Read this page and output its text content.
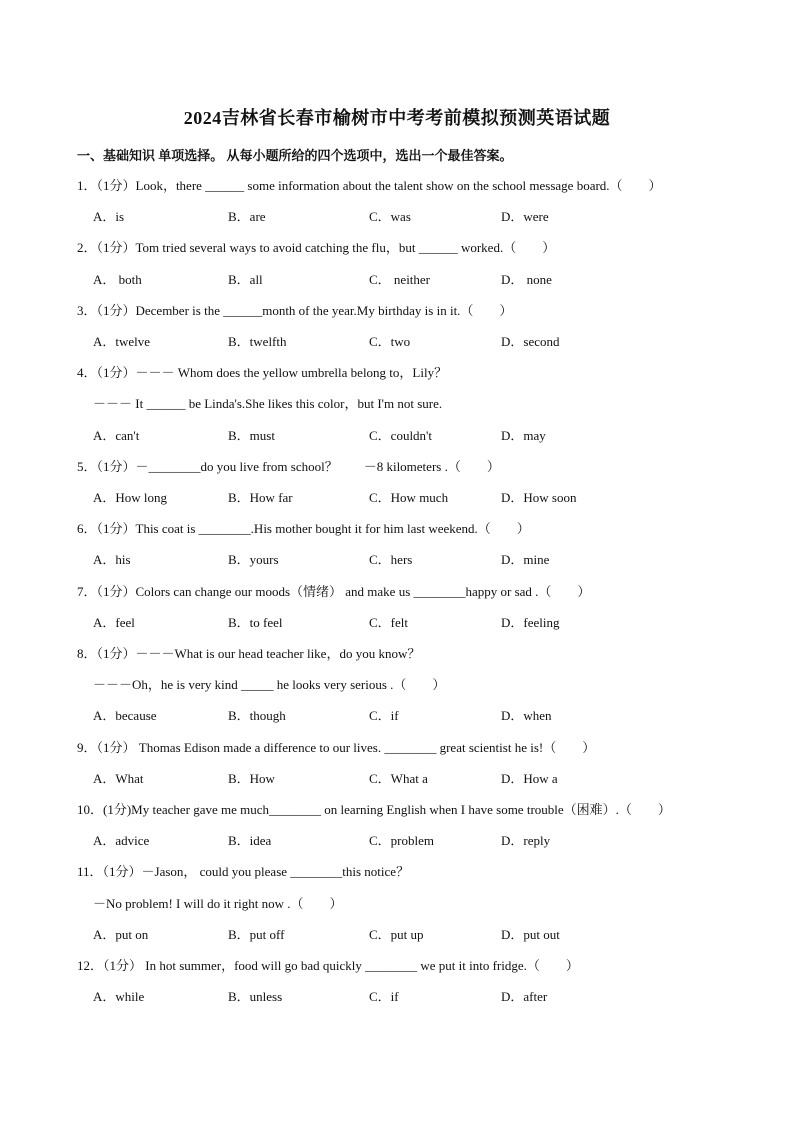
2024吉林省长春市榆树市中考考前模拟预测英语试题
一、基础知识 单项选择。 从每小题所给的四个选项中，选出一个最佳答案。
1．（1分）Look，there ______ some information about the talent show on the school message board.（　　）
A．is	B．are	C．was	D．were
2．（1分）Tom tried several ways to avoid catching the flu，but ______ worked.（　　）
A． both	B．all	C． neither	D． none
3．（1分）December is the ______month of the year.My birthday is in it.（　　）
A．twelve	B．twelfth	C．two	D．second
4．（1分）－－－ Whom does the yellow umbrella belong to，Lily？
－－－ It ______ be Linda's.She likes this color，but I'm not sure.
A．can't	B．must	C．couldn't	D．may
5．（1分）－________do you live from school？　　－8 kilometers .（　　）
A．How long	B．How far	C．How much	D．How soon
6．（1分）This coat is ________.His mother bought it for him last weekend.（　　）
A．his	B．yours	C．hers	D．mine
7．（1分）Colors can change our moods（情绪） and make us ________happy or sad .（　　）
A．feel	B．to feel	C．felt	D．feeling
8．（1分）－－－What is our head teacher like，do you know？
－－－Oh，he is very kind _____ he looks very serious .（　　）
A．because	B．though	C．if	D．when
9．（1分） Thomas Edison made a difference to our lives. ________ great scientist he is!（　　）
A．What	B．How	C．What a	D．How a
10．(1分)My teacher gave me much________ on learning English when I have some trouble（困难）.（　　）
A．advice	B．idea	C．problem	D．reply
11．（1分）－Jason， could you please ________this notice？
－No problem! I will do it right now .（　　）
A．put on	B．put off	C．put up	D．put out
12．（1分） In hot summer，food will go bad quickly ________ we put it into fridge.（　　）
A．while	B．unless	C．if	D．after
